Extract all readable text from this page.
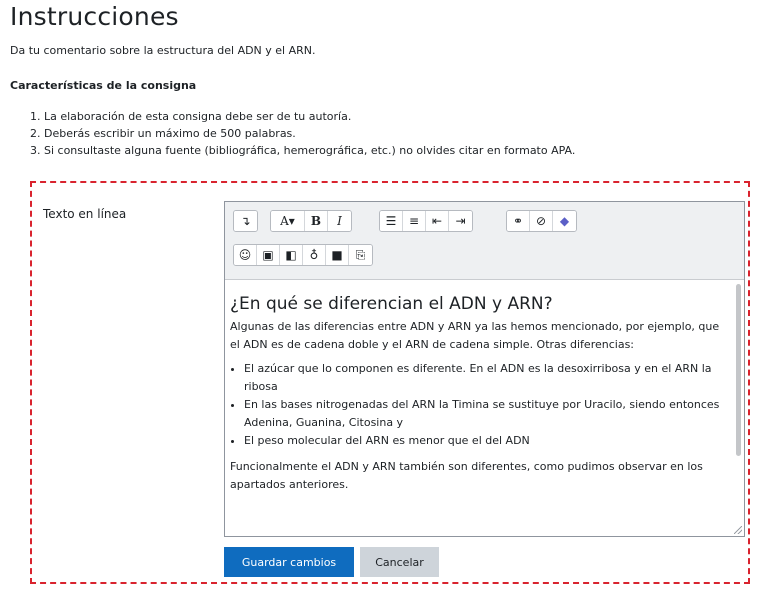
Instrucciones

Da tu comentario sobre la estructura del ADN y el ARN.

Características de la consigna

1. La elaboración de esta consigna debe ser de tu autoría.
2. Deberás escribir un máximo de 500 palabras.
3. Si consultaste alguna fuente (bibliográfica, hemerográfica, etc.) no olvides citar en formato APA.
Texto en línea	↴	A▾	B	I	☰	≡	⇤	⇥	⚭	⊘	◆
☺ ▣ ◧	♁	■	⎘
¿En qué se diferencian el ADN y ARN?

Algunas de las diferencias entre ADN y ARN ya las hemos mencionado, por ejemplo, que el ADN es de cadena doble y el ARN de cadena simple. Otras diferencias:

• El azúcar que lo componen es diferente. En el ADN es la desoxirribosa y en el ARN la ribosa
• En las bases nitrogenadas del ARN la Timina se sustituye por Uracilo, siendo entonces Adenina, Guanina, Citosina y
• El peso molecular del ARN es menor que el del ADN

Funcionalmente el ADN y ARN también son diferentes, como pudimos observar en los apartados anteriores.

Guardar cambios	Cancelar
